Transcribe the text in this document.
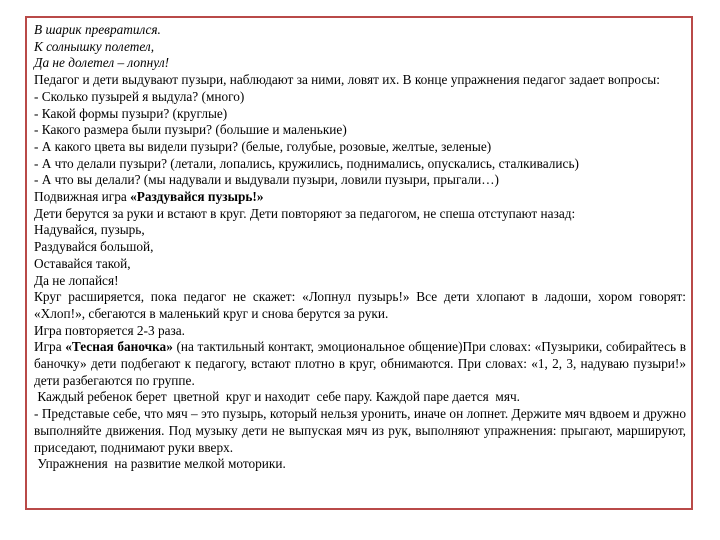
В шарик превратился.
К солнышку полетел,
Да не долетел – лопнул!
Педагог и дети выдувают пузыри, наблюдают за ними, ловят их. В конце упражнения педагог задает вопросы:
- Сколько пузырей я выдула? (много)
- Какой формы пузыри? (круглые)
- Какого размера были пузыри? (большие и маленькие)
- А какого цвета вы видели пузыри? (белые, голубые, розовые, желтые, зеленые)
- А что делали пузыри? (летали, лопались, кружились, поднимались, опускались, сталкивались)
- А что вы делали? (мы надували и выдували пузыри, ловили пузыри, прыгали…)
Подвижная игра «Раздувайся пузырь!»
Дети берутся за руки и встают в круг. Дети повторяют за педагогом, не спеша отступают назад:
Надувайся, пузырь,
Раздувайся большой,
Оставайся такой,
Да не лопайся!
Круг расширяется, пока педагог не скажет: «Лопнул пузырь!» Все дети хлопают в ладоши, хором говорят: «Хлоп!», сбегаются в маленький круг и снова берутся за руки.
Игра повторяется 2-3 раза.
Игра «Тесная баночка» (на тактильный контакт, эмоциональное общение)При словах: «Пузырики, собирайтесь в баночку» дети подбегают к педагогу, встают плотно в круг, обнимаются. При словах: «1, 2, 3, надуваю пузыри!» дети разбегаются по группе.
Каждый ребенок берет  цветной  круг и находит  себе пару. Каждой паре дается  мяч.
- Представые себе, что мяч – это пузырь, который нельзя уронить, иначе он лопнет. Держите мяч вдвоем и дружно выполняйте движения. Под музыку дети не выпуская мяч из рук, выполняют упражнения: прыгают, маршируют, приседают, поднимают руки вверх.
Упражнения  на развитие мелкой моторики.
